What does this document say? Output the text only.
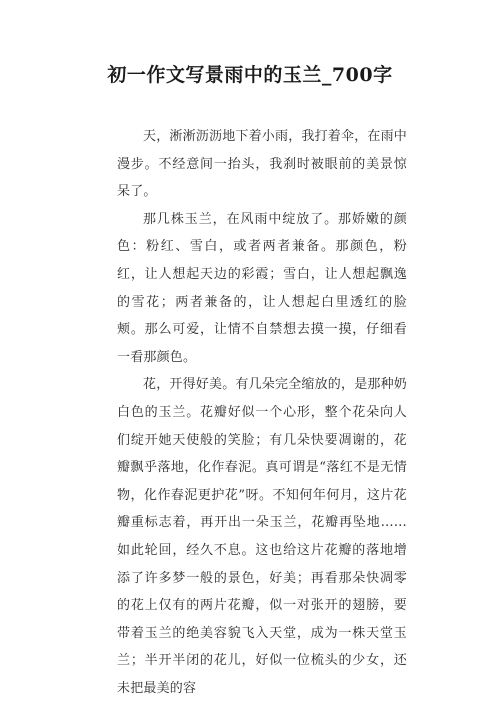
初一作文写景雨中的玉兰_700字

天，淅淅沥沥地下着小雨，我打着伞，在雨中漫步。不经意间一抬头，我刹时被眼前的美景惊呆了。

那几株玉兰，在风雨中绽放了。那娇嫩的颜色：粉红、雪白，或者两者兼备。那颜色，粉红，让人想起天边的彩霞；雪白，让人想起飘逸的雪花；两者兼备的，让人想起白里透红的脸颊。那么可爱，让情不自禁想去摸一摸，仔细看一看那颜色。

花，开得好美。有几朵完全缩放的，是那种奶白色的玉兰。花瓣好似一个心形，整个花朵向人们绽开她天使般的笑脸；有几朵快要凋谢的，花瓣飘乎落地，化作春泥。真可谓是“落红不是无情物，化作春泥更护花”呀。不知何年何月，这片花瓣重标志着，再开出一朵玉兰，花瓣再坠地……如此轮回，经久不息。这也给这片花瓣的落地增添了许多梦一般的景色，好美；再看那朵快凋零的花上仅有的两片花瓣，似一对张开的翅膀，要带着玉兰的绝美容貌飞入天堂，成为一株天堂玉兰；半开半闭的花儿，好似一位梳头的少女，还未把最美的容
